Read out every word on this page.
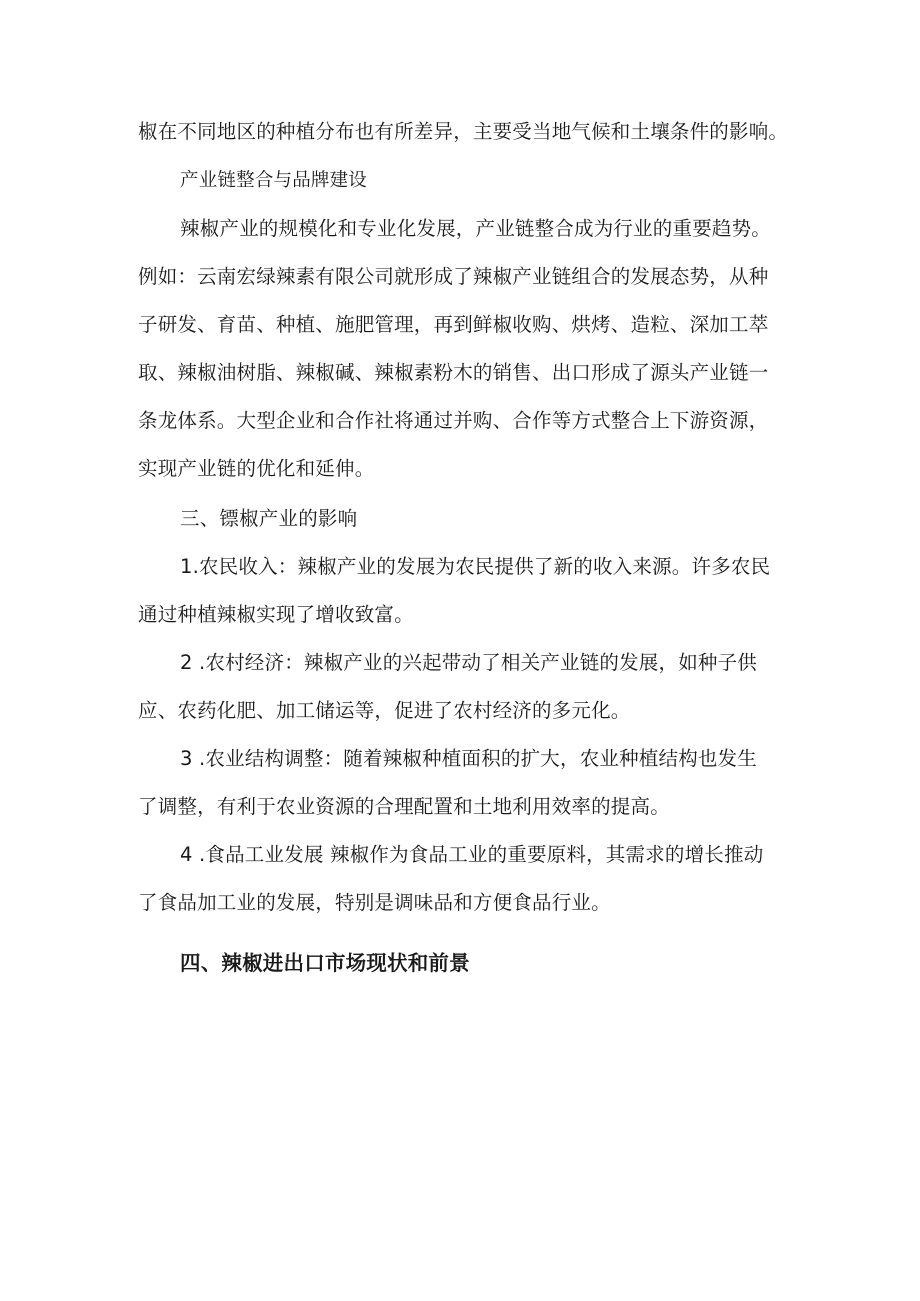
椒在不同地区的种植分布也有所差异，主要受当地气候和土壤条件的影响。

产业链整合与品牌建设

辣椒产业的规模化和专业化发展，产业链整合成为行业的重要趋势。

例如：云南宏绿辣素有限公司就形成了辣椒产业链组合的发展态势，从种

子研发、育苗、种植、施肥管理，再到鲜椒收购、烘烤、造粒、深加工萃

取、辣椒油树脂、辣椒碱、辣椒素粉木的销售、出口形成了源头产业链一

条龙体系。大型企业和合作社将通过并购、合作等方式整合上下游资源，

实现产业链的优化和延伸。

三、镖椒产业的影响

1.农民收入：辣椒产业的发展为农民提供了新的收入来源。许多农民

通过种植辣椒实现了增收致富。

2 .农村经济：辣椒产业的兴起带动了相关产业链的发展，如种子供

应、农药化肥、加工储运等，促进了农村经济的多元化。

3 .农业结构调整：随着辣椒种植面积的扩大，农业种植结构也发生

了调整，有利于农业资源的合理配置和土地利用效率的提高。

4 .食品工业发展 辣椒作为食品工业的重要原料，其需求的增长推动

了食品加工业的发展，特别是调味品和方便食品行业。

四、辣椒进出口市场现状和前景
